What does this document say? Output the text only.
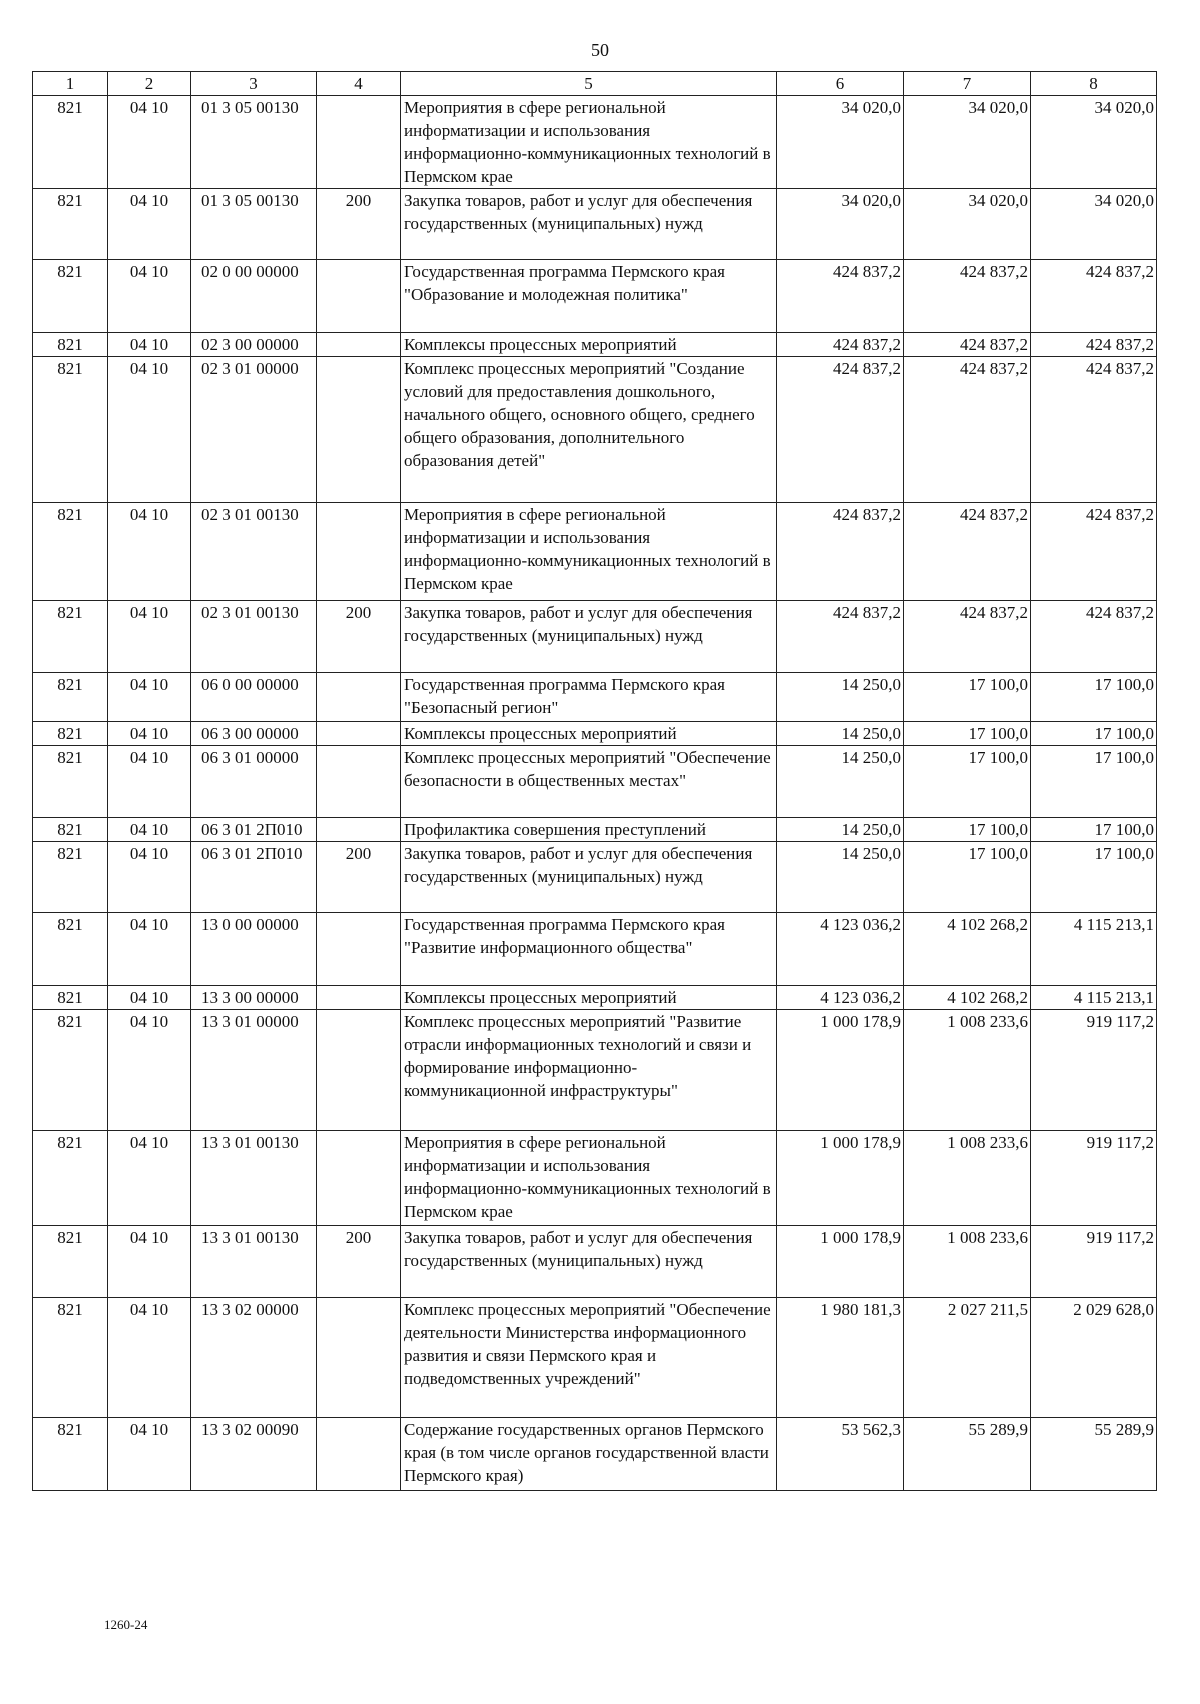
50
1	2	3	4	5	6	7	8
821	04 10	01 3 05 00130		Мероприятия в сфере региональной информатизации и использования информационно-коммуникационных технологий в Пермском крае	34 020,0	34 020,0	34 020,0
821	04 10	01 3 05 00130	200	Закупка товаров, работ и услуг для обеспечения государственных (муниципальных) нужд	34 020,0	34 020,0	34 020,0
821	04 10	02 0 00 00000		Государственная программа Пермского края "Образование и молодежная политика"	424 837,2	424 837,2	424 837,2
821	04 10	02 3 00 00000		Комплексы процессных мероприятий	424 837,2	424 837,2	424 837,2
821	04 10	02 3 01 00000		Комплекс процессных мероприятий "Создание условий для предоставления дошкольного, начального общего, основного общего, среднего общего образования, дополнительного образования детей"	424 837,2	424 837,2	424 837,2
821	04 10	02 3 01 00130		Мероприятия в сфере региональной информатизации и использования информационно-коммуникационных технологий в Пермском крае	424 837,2	424 837,2	424 837,2
821	04 10	02 3 01 00130	200	Закупка товаров, работ и услуг для обеспечения государственных (муниципальных) нужд	424 837,2	424 837,2	424 837,2
821	04 10	06 0 00 00000		Государственная программа Пермского края "Безопасный регион"	14 250,0	17 100,0	17 100,0
821	04 10	06 3 00 00000		Комплексы процессных мероприятий	14 250,0	17 100,0	17 100,0
821	04 10	06 3 01 00000		Комплекс процессных мероприятий "Обеспечение безопасности в общественных местах"	14 250,0	17 100,0	17 100,0
821	04 10	06 3 01 2П010		Профилактика совершения преступлений	14 250,0	17 100,0	17 100,0
821	04 10	06 3 01 2П010	200	Закупка товаров, работ и услуг для обеспечения государственных (муниципальных) нужд	14 250,0	17 100,0	17 100,0
821	04 10	13 0 00 00000		Государственная программа Пермского края "Развитие информационного общества"	4 123 036,2	4 102 268,2	4 115 213,1
821	04 10	13 3 00 00000		Комплексы процессных мероприятий	4 123 036,2	4 102 268,2	4 115 213,1
821	04 10	13 3 01 00000		Комплекс процессных мероприятий "Развитие отрасли информационных технологий и связи и формирование информационно-коммуникационной инфраструктуры"	1 000 178,9	1 008 233,6	919 117,2
821	04 10	13 3 01 00130		Мероприятия в сфере региональной информатизации и использования информационно-коммуникационных технологий в Пермском крае	1 000 178,9	1 008 233,6	919 117,2
821	04 10	13 3 01 00130	200	Закупка товаров, работ и услуг для обеспечения государственных (муниципальных) нужд	1 000 178,9	1 008 233,6	919 117,2
821	04 10	13 3 02 00000		Комплекс процессных мероприятий "Обеспечение деятельности Министерства информационного развития и связи Пермского края и подведомственных учреждений"	1 980 181,3	2 027 211,5	2 029 628,0
821	04 10	13 3 02 00090		Содержание государственных органов Пермского края (в том числе органов государственной власти Пермского края)	53 562,3	55 289,9	55 289,9
1260-24
